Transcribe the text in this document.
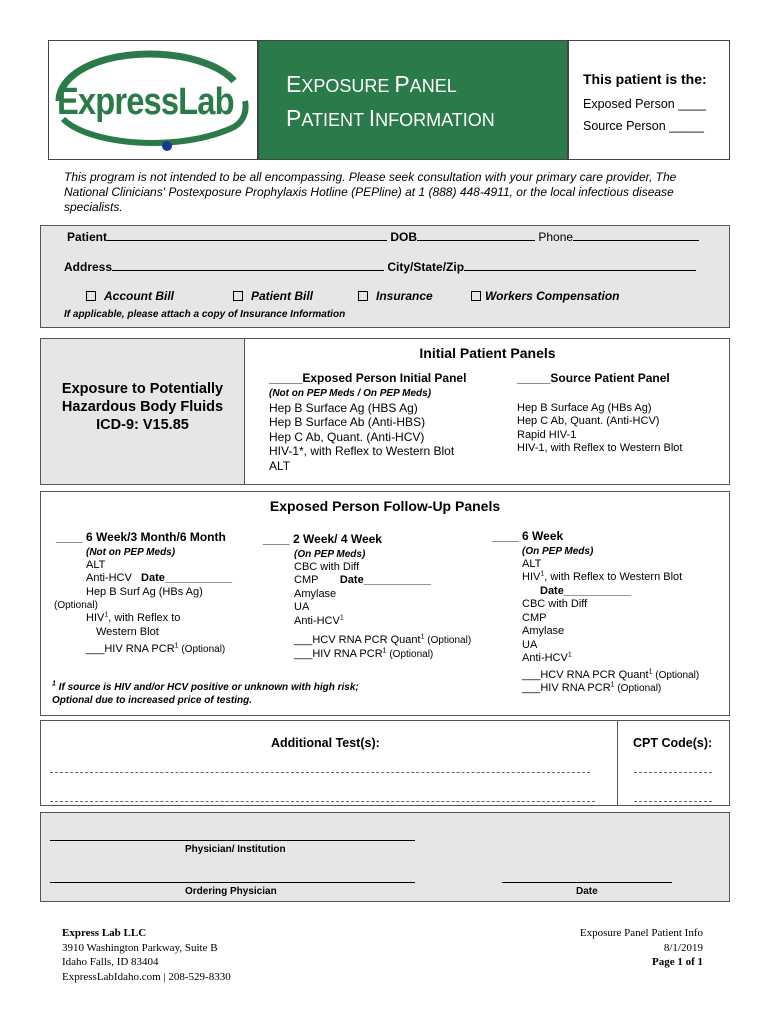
ExpressLab EXPOSURE PANEL
PATIENT INFORMATION
This patient is the:
Exposed Person ____
Source Person _____
This program is not intended to be all encompassing. Please seek consultation with your primary care provider, The National Clinicians' Postexposure Prophylaxis Hotline (PEPline) at 1 (888) 448-4911, or the local infectious disease specialists.
Patient	DOB	Phone
Address	City/State/Zip
Account Bill	Patient Bill	Insurance	Workers Compensation
If applicable, please attach a copy of Insurance Information
Exposure to Potentially
Hazardous Body Fluids
ICD-9: V15.85
Initial Patient Panels
_____Exposed Person Initial Panel
(Not on PEP Meds / On PEP Meds)
Hep B Surface Ag (HBS Ag)
Hep B Surface Ab (Anti-HBS)
Hep C Ab, Quant. (Anti-HCV)
HIV-1*, with Reflex to Western Blot
ALT
_____Source Patient Panel
Hep B Surface Ag (HBs Ag)
Hep C Ab, Quant. (Anti-HCV)
Rapid HIV-1
HIV-1, with Reflex to Western Blot
Exposed Person Follow-Up Panels
____ 6 Week/3 Month/6 Month
(Not on PEP Meds)
ALT
Anti-HCV Date___________
Hep B Surf Ag (HBs Ag)
(Optional)
HIV$^1$, with Reflex to
Western Blot
___HIV RNA PCR$^1$ (Optional)
____ 2 Week/ 4 Week
(On PEP Meds)
CBC with Diff
CMP Date___________
Amylase
UA
Anti-HCV$^1$
___HCV RNA PCR Quant$^1$ (Optional)
___HIV RNA PCR$^1$ (Optional)
____ 6 Week
(On PEP Meds)
ALT
HIV$^1$, with Reflex to Western Blot
Date___________
CBC with Diff
CMP
Amylase
UA
Anti-HCV$^1$
___HCV RNA PCR Quant$^1$ (Optional)
___HIV RNA PCR$^1$ (Optional)
$^1$ If source is HIV and/or HCV positive or unknown with high risk;
Optional due to increased price of testing.
Additional Test(s):	CPT Code(s):
Physician/ Institution
Ordering Physician	Date
Express Lab LLC
3910 Washington Parkway, Suite B
Idaho Falls, ID 83404
ExpressLabIdaho.com | 208-529-8330
Exposure Panel Patient Info
8/1/2019
Page 1 of 1
